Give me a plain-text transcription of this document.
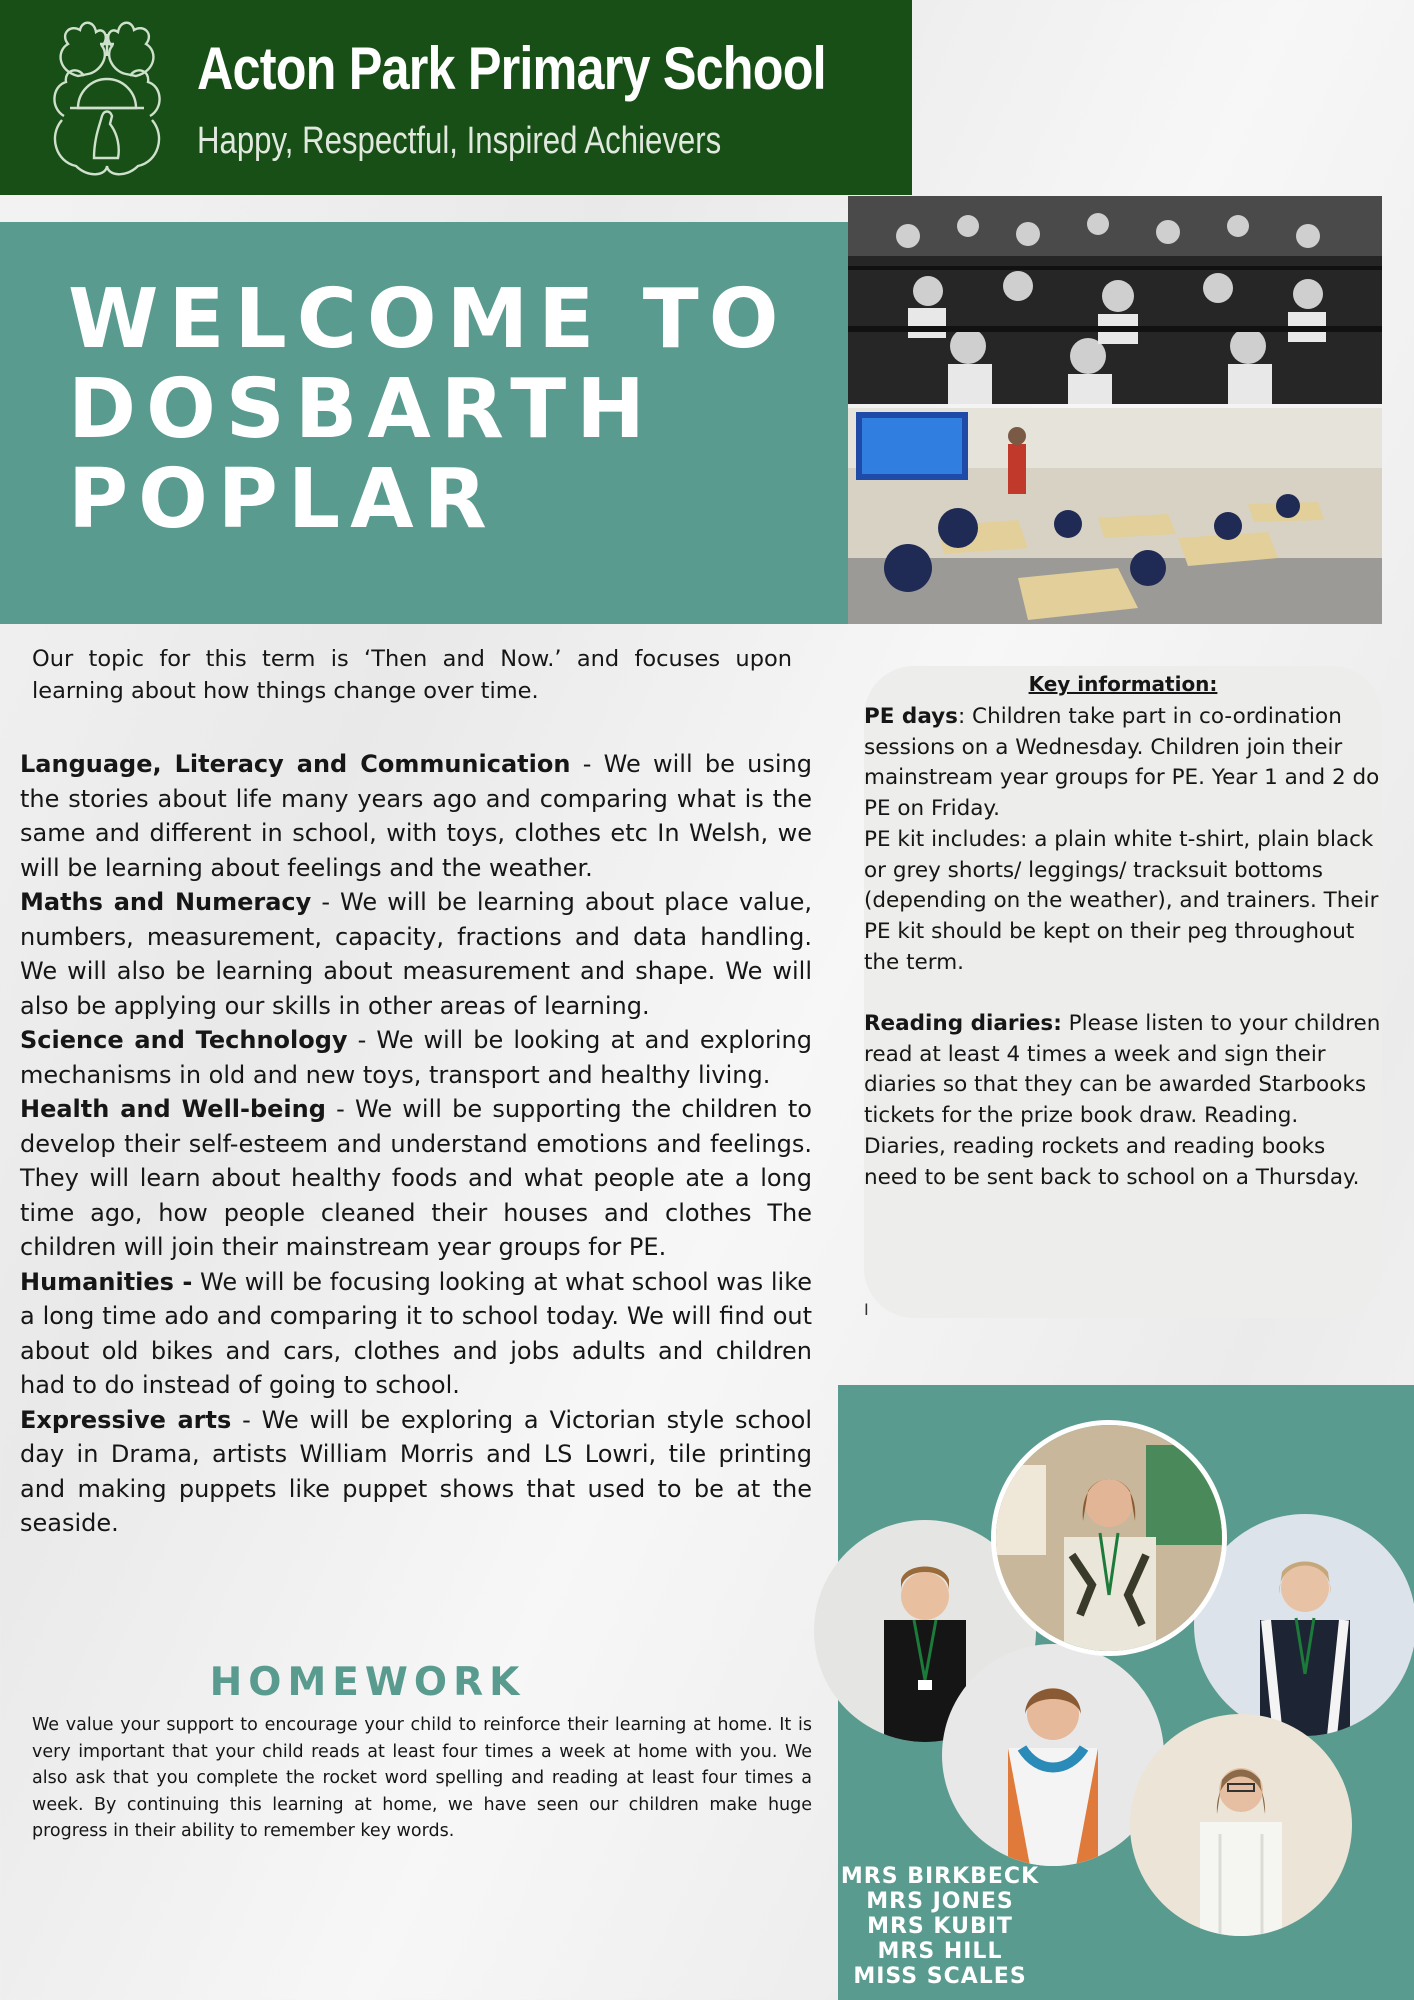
Acton Park Primary School

Happy, Respectful, Inspired Achievers

WELCOME TO
DOSBARTH
POPLAR

Our topic for this term is ‘Then and Now.’ and focuses upon learning about how things change over time.

Language, Literacy and Communication - We will be using the stories about life many years ago and comparing what is the same and different in school, with toys, clothes etc In Welsh, we will be learning about feelings and the weather.

Maths and Numeracy - We will be learning about place value, numbers, measurement, capacity, fractions and data handling. We will also be learning about measurement and shape. We will also be applying our skills in other areas of learning.

Science and Technology - We will be looking at and exploring mechanisms in old and new toys, transport and healthy living.

Health and Well-being - We will be supporting the children to develop their self-esteem and understand emotions and feelings. They will learn about healthy foods and what people ate a long time ago, how people cleaned their houses and clothes The children will join their mainstream year groups for PE.

Humanities - We will be focusing looking at what school was like a long time ado and comparing it to school today. We will find out about old bikes and cars, clothes and jobs adults and children had to do instead of going to school.

Expressive arts - We will be exploring a Victorian style school day in Drama, artists William Morris and LS Lowri, tile printing and making puppets like puppet shows that used to be at the seaside.

HOMEWORK

We value your support to encourage your child to reinforce their learning at home. It is very important that your child reads at least four times a week at home with you. We also ask that you complete the rocket word spelling and reading at least four times a week. By continuing this learning at home, we have seen our children make huge progress in their ability to remember key words.

Key information:

PE days: Children take part in co-ordination sessions on a Wednesday. Children join their mainstream year groups for PE. Year 1 and 2 do PE on Friday.

PE kit includes: a plain white t-shirt, plain black or grey shorts/ leggings/ tracksuit bottoms (depending on the weather), and trainers. Their PE kit should be kept on their peg throughout the term.

Reading diaries: Please listen to your children read at least 4 times a week and sign their diaries so that they can be awarded Starbooks tickets for the prize book draw. Reading. Diaries, reading rockets and reading books need to be sent back to school on a Thursday.

I
MRS BIRKBECK
MRS JONES
MRS KUBIT
MRS HILL
MISS SCALES
